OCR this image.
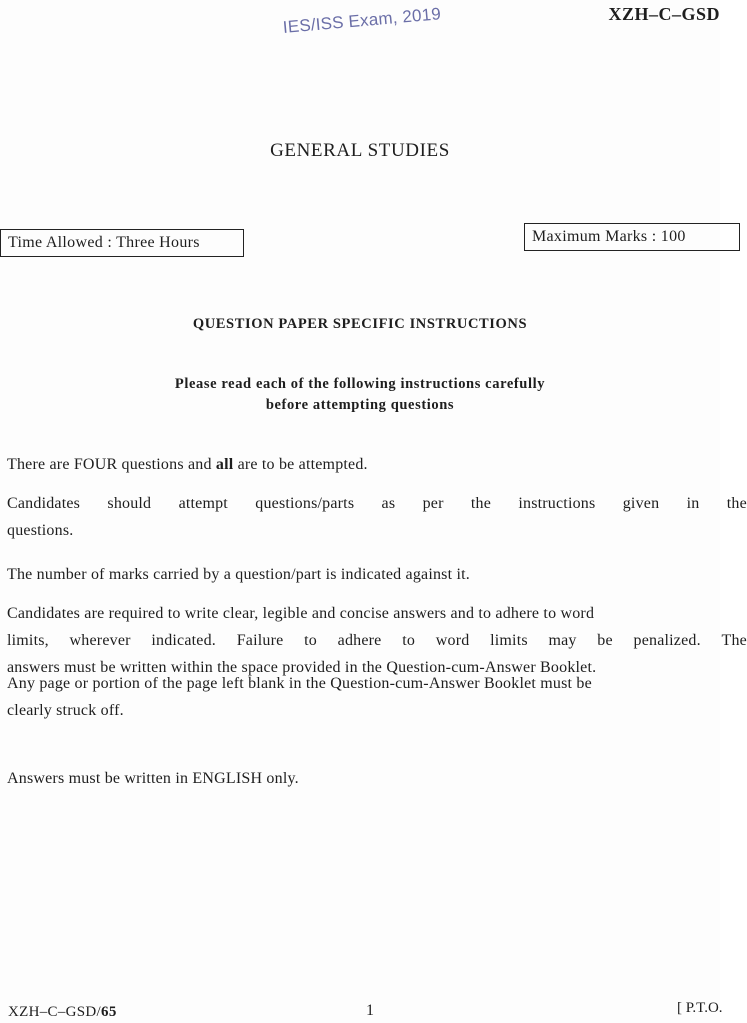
IES/ISS Exam, 2019	XZH–C–GSD
GENERAL STUDIES
Time Allowed : Three Hours	Maximum Marks : 100
QUESTION PAPER SPECIFIC INSTRUCTIONS
Please read each of the following instructions carefully
before attempting questions
There are FOUR questions and all are to be attempted.
Candidates should attempt questions/parts as per the instructions given in the
questions.
The number of marks carried by a question/part is indicated against it.
Candidates are required to write clear, legible and concise answers and to adhere to word
limits, wherever indicated. Failure to adhere to word limits may be penalized. The
answers must be written within the space provided in the Question-cum-Answer Booklet.
Any page or portion of the page left blank in the Question-cum-Answer Booklet must be
clearly struck off.
Answers must be written in ENGLISH only.
XZH–C–GSD/65	1	[ P.T.O.
